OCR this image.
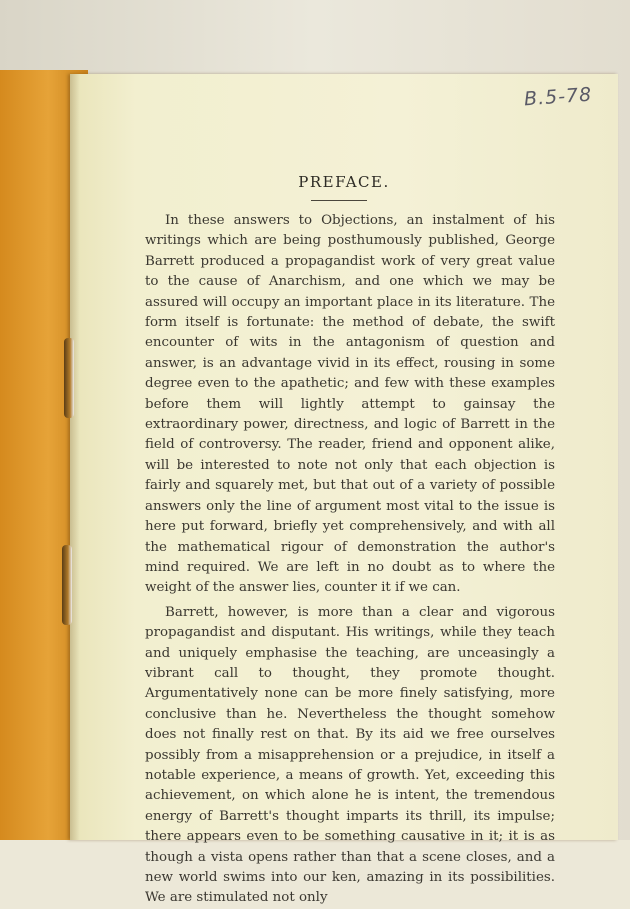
B.5-78
PREFACE.

In these answers to Objections, an instalment of his writings which are being posthumously published, George Barrett produced a propagandist work of very great value to the cause of Anarchism, and one which we may be assured will occupy an important place in its literature. The form itself is fortunate: the method of debate, the swift encounter of wits in the antagonism of question and answer, is an advantage vivid in its effect, rousing in some degree even to the apathetic; and few with these examples before them will lightly attempt to gainsay the extraordinary power, directness, and logic of Barrett in the field of controversy. The reader, friend and opponent alike, will be interested to note not only that each objection is fairly and squarely met, but that out of a variety of possible answers only the line of argument most vital to the issue is here put forward, briefly yet comprehensively, and with all the mathematical rigour of demonstration the author's mind required. We are left in no doubt as to where the weight of the answer lies, counter it if we can.

Barrett, however, is more than a clear and vigorous propagandist and disputant. His writings, while they teach and uniquely emphasise the teaching, are unceasingly a vibrant call to thought, they promote thought. Argumentatively none can be more finely satisfying, more conclusive than he. Nevertheless the thought somehow does not finally rest on that. By its aid we free ourselves possibly from a misapprehension or a prejudice, in itself a notable experience, a means of growth. Yet, exceeding this achievement, on which alone he is intent, the tremendous energy of Barrett's thought imparts its thrill, its impulse; there appears even to be something causative in it; it is as though a vista opens rather than that a scene closes, and a new world swims into our ken, amazing in its possibilities. We are stimulated not only
